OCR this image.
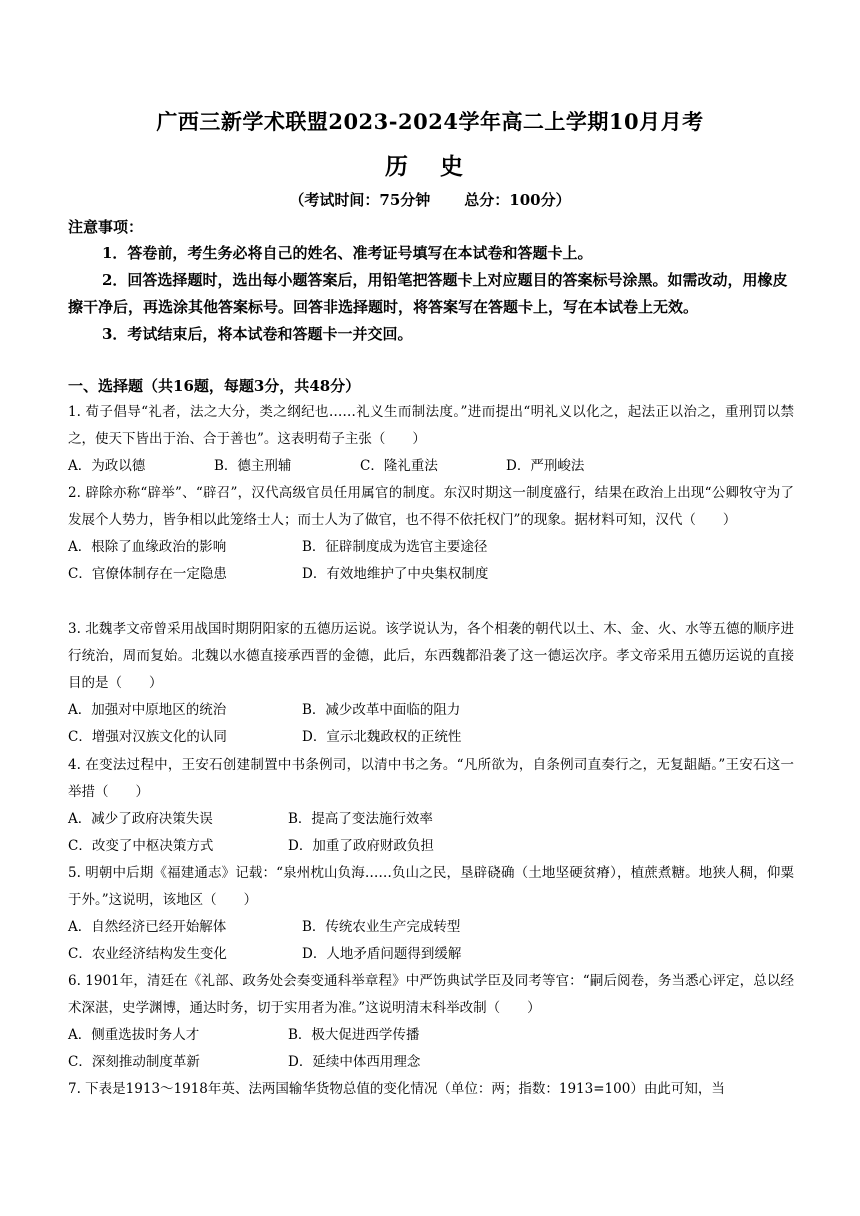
广西三新学术联盟2023-2024学年高二上学期10月月考
历 史
（考试时间：75分钟 总分：100分）
注意事项：
1．答卷前，考生务必将自己的姓名、准考证号填写在本试卷和答题卡上。
2．回答选择题时，选出每小题答案后，用铅笔把答题卡上对应题目的答案标号涂黑。如需改动，用橡皮擦干净后，再选涂其他答案标号。回答非选择题时，将答案写在答题卡上，写在本试卷上无效。
3．考试结束后，将本试卷和答题卡一并交回。
一、选择题（共16题，每题3分，共48分）
1. 荀子倡导“礼者，法之大分，类之纲纪也……礼义生而制法度。”进而提出“明礼义以化之，起法正以治之，重刑罚以禁之，使天下皆出于治、合于善也”。这表明荀子主张（　　）
A．为政以德	B．德主刑辅	C．隆礼重法	D．严刑峻法
2. 辟除亦称“辟举”、“辟召”，汉代高级官员任用属官的制度。东汉时期这一制度盛行，结果在政治上出现“公卿牧守为了发展个人势力，皆争相以此笼络士人；而士人为了做官，也不得不依托权门”的现象。据材料可知，汉代（　　）
A．根除了血缘政治的影响	B．征辟制度成为选官主要途径
C．官僚体制存在一定隐患	D．有效地维护了中央集权制度
3. 北魏孝文帝曾采用战国时期阴阳家的五德历运说。该学说认为，各个相袭的朝代以土、木、金、火、水等五德的顺序进行统治，周而复始。北魏以水德直接承西晋的金德，此后，东西魏都沿袭了这一德运次序。孝文帝采用五德历运说的直接目的是（　　）
A．加强对中原地区的统治	B．减少改革中面临的阻力
C．增强对汉族文化的认同	D．宣示北魏政权的正统性
4. 在变法过程中，王安石创建制置中书条例司，以清中书之务。“凡所欲为，自条例司直奏行之，无复龃龉。”王安石这一举措（　　）
A．减少了政府决策失误	B．提高了变法施行效率
C．改变了中枢决策方式	D．加重了政府财政负担
5. 明朝中后期《福建通志》记载：“泉州枕山负海……负山之民，垦辟硗确（土地坚硬贫瘠），植蔗煮糖。地狭人稠，仰粟于外。”这说明，该地区（　　）
A．自然经济已经开始解体	B．传统农业生产完成转型
C．农业经济结构发生变化	D．人地矛盾问题得到缓解
6. 1901年，清廷在《礼部、政务处会奏变通科举章程》中严饬典试学臣及同考等官：“嗣后阅卷，务当悉心评定，总以经术深湛，史学渊博，通达时务，切于实用者为准。”这说明清末科举改制（　　）
A．侧重选拔时务人才	B．极大促进西学传播
C．深刻推动制度革新	D．延续中体西用理念
7. 下表是1913～1918年英、法两国输华货物总值的变化情况（单位：两；指数：1913=100）由此可知，当
